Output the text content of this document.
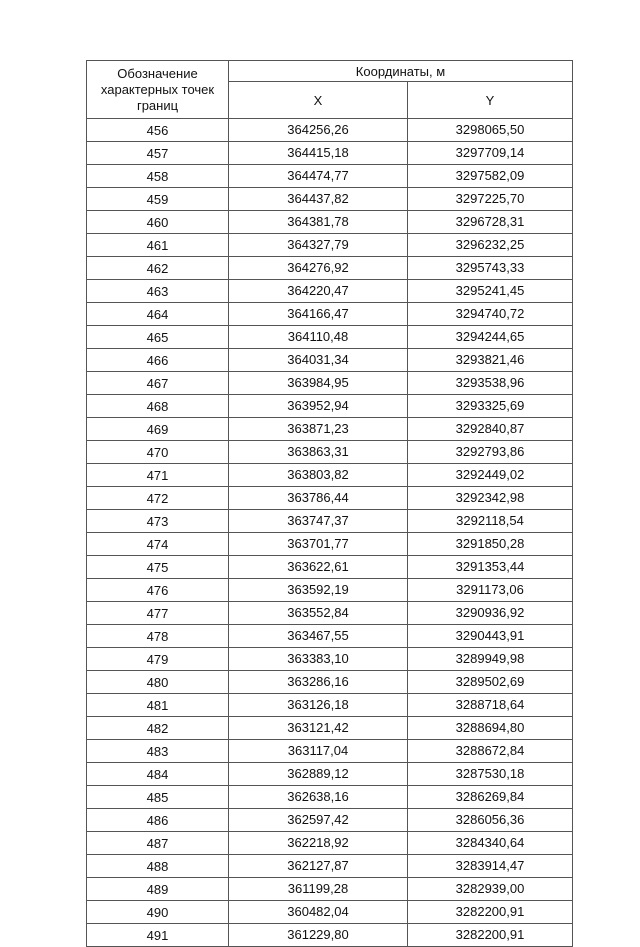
Обозначение характерных точек границ	Координаты, м	
	X	Y
456	364256,26	3298065,50
457	364415,18	3297709,14
458	364474,77	3297582,09
459	364437,82	3297225,70
460	364381,78	3296728,31
461	364327,79	3296232,25
462	364276,92	3295743,33
463	364220,47	3295241,45
464	364166,47	3294740,72
465	364110,48	3294244,65
466	364031,34	3293821,46
467	363984,95	3293538,96
468	363952,94	3293325,69
469	363871,23	3292840,87
470	363863,31	3292793,86
471	363803,82	3292449,02
472	363786,44	3292342,98
473	363747,37	3292118,54
474	363701,77	3291850,28
475	363622,61	3291353,44
476	363592,19	3291173,06
477	363552,84	3290936,92
478	363467,55	3290443,91
479	363383,10	3289949,98
480	363286,16	3289502,69
481	363126,18	3288718,64
482	363121,42	3288694,80
483	363117,04	3288672,84
484	362889,12	3287530,18
485	362638,16	3286269,84
486	362597,42	3286056,36
487	362218,92	3284340,64
488	362127,87	3283914,47
489	361199,28	3282939,00
490	360482,04	3282200,91
491	361229,80	3282200,91
